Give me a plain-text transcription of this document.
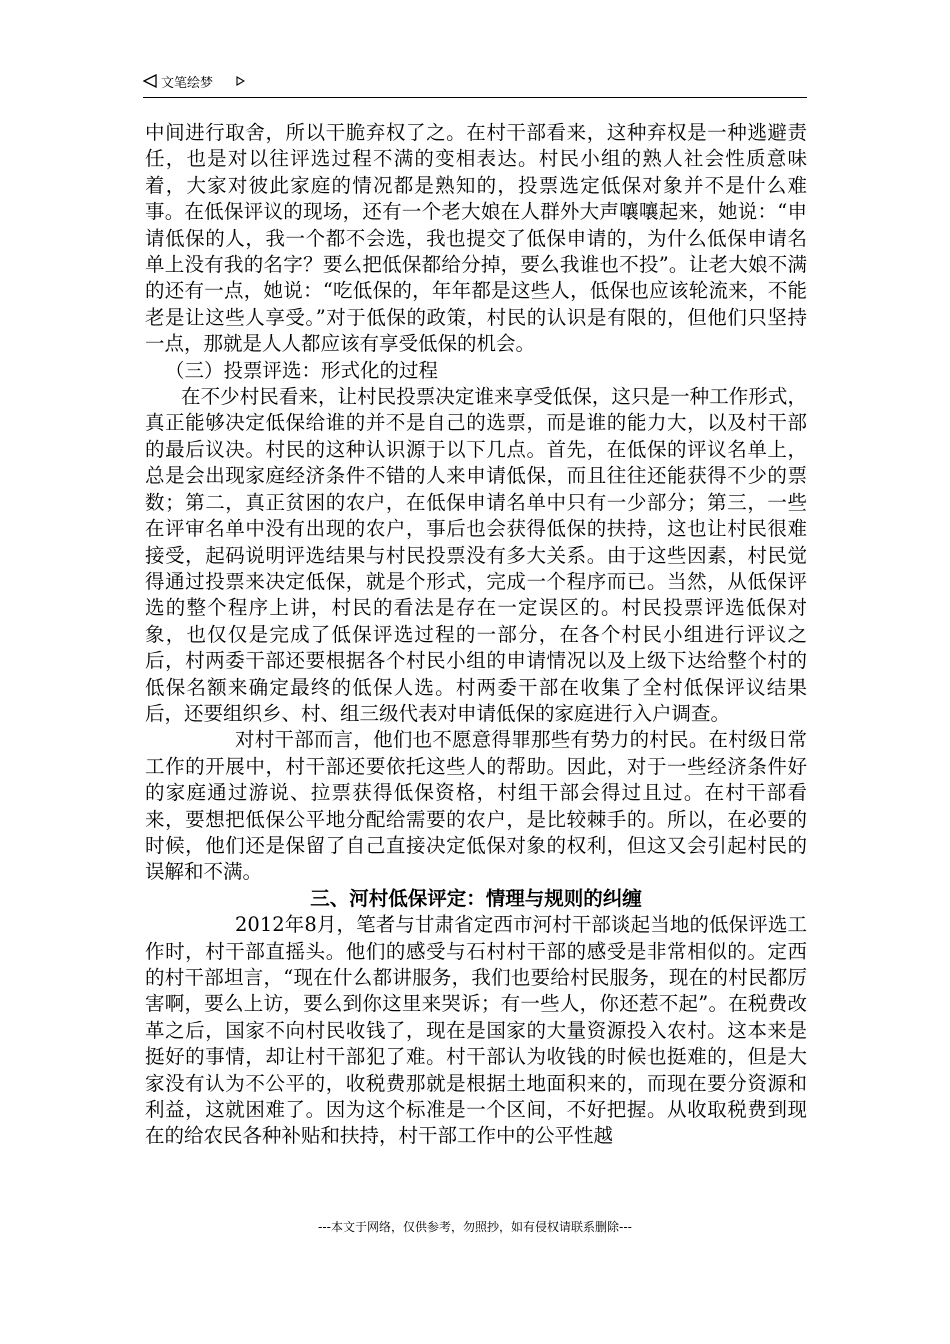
文笔绘梦

中间进行取舍，所以干脆弃权了之。在村干部看来，这种弃权是一种逃避责任，也是对以往评选过程不满的变相表达。村民小组的熟人社会性质意味着，大家对彼此家庭的情况都是熟知的，投票选定低保对象并不是什么难事。在低保评议的现场，还有一个老大娘在人群外大声嚷嚷起来，她说：“申请低保的人，我一个都不会选，我也提交了低保申请的，为什么低保申请名单上没有我的名字？要么把低保都给分掉，要么我谁也不投”。让老大娘不满的还有一点，她说：“吃低保的，年年都是这些人，低保也应该轮流来，不能老是让这些人享受。”对于低保的政策，村民的认识是有限的，但他们只坚持一点，那就是人人都应该有享受低保的机会。

（三）投票评选：形式化的过程

在不少村民看来，让村民投票决定谁来享受低保，这只是一种工作形式，真正能够决定低保给谁的并不是自己的选票，而是谁的能力大，以及村干部的最后议决。村民的这种认识源于以下几点。首先，在低保的评议名单上，总是会出现家庭经济条件不错的人来申请低保，而且往往还能获得不少的票数；第二，真正贫困的农户，在低保申请名单中只有一少部分；第三，一些在评审名单中没有出现的农户，事后也会获得低保的扶持，这也让村民很难接受，起码说明评选结果与村民投票没有多大关系。由于这些因素，村民觉得通过投票来决定低保，就是个形式，完成一个程序而已。当然，从低保评选的整个程序上讲，村民的看法是存在一定误区的。村民投票评选低保对象，也仅仅是完成了低保评选过程的一部分，在各个村民小组进行评议之后，村两委干部还要根据各个村民小组的申请情况以及上级下达给整个村的低保名额来确定最终的低保人选。村两委干部在收集了全村低保评议结果后，还要组织乡、村、组三级代表对申请低保的家庭进行入户调查。

对村干部而言，他们也不愿意得罪那些有势力的村民。在村级日常工作的开展中，村干部还要依托这些人的帮助。因此，对于一些经济条件好的家庭通过游说、拉票获得低保资格，村组干部会得过且过。在村干部看来，要想把低保公平地分配给需要的农户，是比较棘手的。所以，在必要的时候，他们还是保留了自己直接决定低保对象的权利，但这又会引起村民的误解和不满。

三、河村低保评定：情理与规则的纠缠

2012年8月，笔者与甘肃省定西市河村干部谈起当地的低保评选工作时，村干部直摇头。他们的感受与石村村干部的感受是非常相似的。定西的村干部坦言，“现在什么都讲服务，我们也要给村民服务，现在的村民都厉害啊，要么上访，要么到你这里来哭诉；有一些人，你还惹不起”。在税费改革之后，国家不向村民收钱了，现在是国家的大量资源投入农村。这本来是挺好的事情，却让村干部犯了难。村干部认为收钱的时候也挺难的，但是大家没有认为不公平的，收税费那就是根据土地面积来的，而现在要分资源和利益，这就困难了。因为这个标准是一个区间，不好把握。从收取税费到现在的给农民各种补贴和扶持，村干部工作中的公平性越

---本文于网络，仅供参考，勿照抄，如有侵权请联系删除---
